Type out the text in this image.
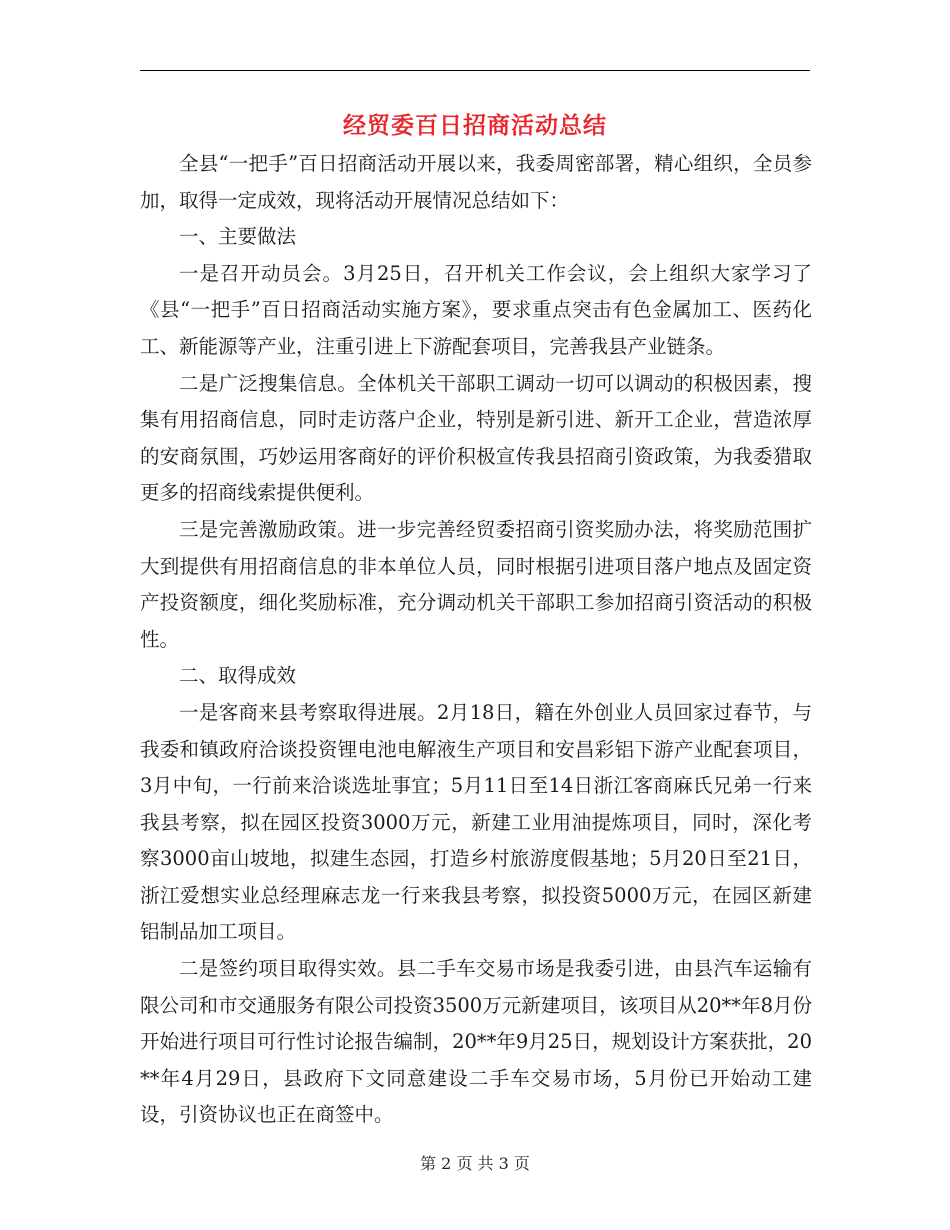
经贸委百日招商活动总结

全县“一把手”百日招商活动开展以来，我委周密部署，精心组织，全员参加，取得一定成效，现将活动开展情况总结如下：

一、主要做法

一是召开动员会。3月25日，召开机关工作会议，会上组织大家学习了《县“一把手”百日招商活动实施方案》，要求重点突击有色金属加工、医药化工、新能源等产业，注重引进上下游配套项目，完善我县产业链条。

二是广泛搜集信息。全体机关干部职工调动一切可以调动的积极因素，搜集有用招商信息，同时走访落户企业，特别是新引进、新开工企业，营造浓厚的安商氛围，巧妙运用客商好的评价积极宣传我县招商引资政策，为我委猎取更多的招商线索提供便利。

三是完善激励政策。进一步完善经贸委招商引资奖励办法，将奖励范围扩大到提供有用招商信息的非本单位人员，同时根据引进项目落户地点及固定资产投资额度，细化奖励标准，充分调动机关干部职工参加招商引资活动的积极性。

二、取得成效

一是客商来县考察取得进展。2月18日，籍在外创业人员回家过春节，与我委和镇政府洽谈投资锂电池电解液生产项目和安昌彩铝下游产业配套项目，3月中旬，一行前来洽谈选址事宜；5月11日至14日浙江客商麻氏兄弟一行来我县考察，拟在园区投资3000万元，新建工业用油提炼项目，同时，深化考察3000亩山坡地，拟建生态园，打造乡村旅游度假基地；5月20日至21日，浙江爱想实业总经理麻志龙一行来我县考察，拟投资5000万元，在园区新建铝制品加工项目。

二是签约项目取得实效。县二手车交易市场是我委引进，由县汽车运输有限公司和市交通服务有限公司投资3500万元新建项目，该项目从20**年8月份开始进行项目可行性讨论报告编制，20**年9月25日，规划设计方案获批，20**年4月29日，县政府下文同意建设二手车交易市场，5月份已开始动工建设，引资协议也正在商签中。

第 2 页 共 3 页
